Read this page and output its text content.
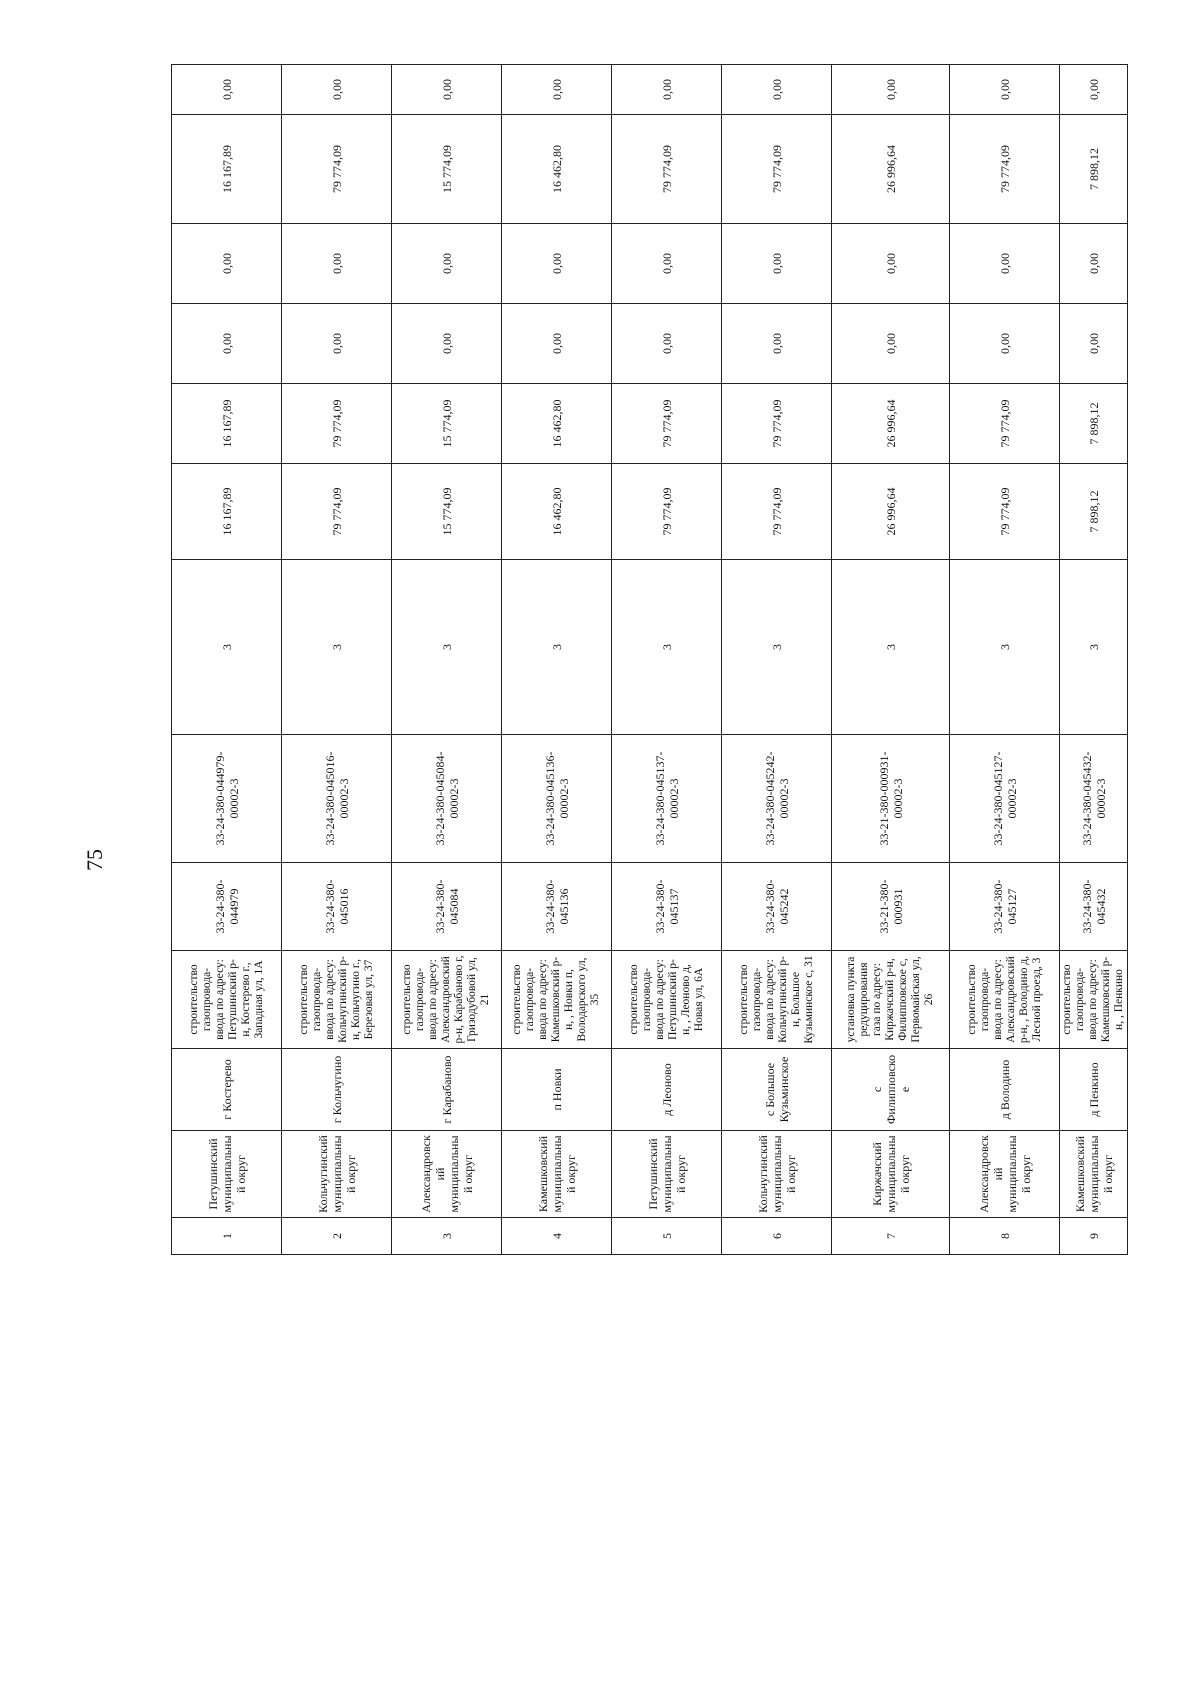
75
1	Петушинский муниципальный округ	г Костерево	строительство газопровода-ввода по адресу: Петушинский р-н, Костерево г., Западная ул, 1А	33-24-380-044979	33-24-380-044979-00002-3	3	16 167,89	16 167,89	0,00	0,00	16 167,89	0,00
2	Кольчугинский муниципальный округ	г Кольчугино	строительство газопровода-ввода по адресу: Кольчугинский р-н, Кольчугино г., Березовая ул, 37	33-24-380-045016	33-24-380-045016-00002-3	3	79 774,09	79 774,09	0,00	0,00	79 774,09	0,00
3	Александровский муниципальный округ	г Карабаново	строительство газопровода-ввода по адресу: Александровский р-н, Карабаново г, Гризодубовой ул, 21	33-24-380-045084	33-24-380-045084-00002-3	3	15 774,09	15 774,09	0,00	0,00	15 774,09	0,00
4	Камешковский муниципальный округ	п Новки	строительство газопровода-ввода по адресу: Камешковский р-н, , Новки п, Володарского ул, 35	33-24-380-045136	33-24-380-045136-00002-3	3	16 462,80	16 462,80	0,00	0,00	16 462,80	0,00
5	Петушинский муниципальный округ	д Леоново	строительство газопровода-ввода по адресу: Петушинский р-н, , Леоново д, Новая ул, 6А	33-24-380-045137	33-24-380-045137-00002-3	3	79 774,09	79 774,09	0,00	0,00	79 774,09	0,00
6	Кольчугинский муниципальный округ	с Большое Кузьминское	строительство газопровода-ввода по адресу: Кольчугинский р-н, Большое Кузьминское с, 31	33-24-380-045242	33-24-380-045242-00002-3	3	79 774,09	79 774,09	0,00	0,00	79 774,09	0,00
7	Киржачский муниципальный округ	с Филипповское	установка пункта редуцирования газа по адресу: Киржачский р-н, Филипповское с, Первомайская ул, 26	33-21-380-000931	33-21-380-000931-00002-3	3	26 996,64	26 996,64	0,00	0,00	26 996,64	0,00
8	Александровский муниципальный округ	д Володино	строительство газопровода-ввода по адресу: Александровский р-н, , Володино д, Лесной проезд, 3	33-24-380-045127	33-24-380-045127-00002-3	3	79 774,09	79 774,09	0,00	0,00	79 774,09	0,00
9	Камешковский муниципальный округ	д Пенкино	строительство газопровода-ввода по адресу: Камешковский р-н, , Пенкино	33-24-380-045432	33-24-380-045432-00002-3	3	7 898,12	7 898,12	0,00	0,00	7 898,12	0,00
